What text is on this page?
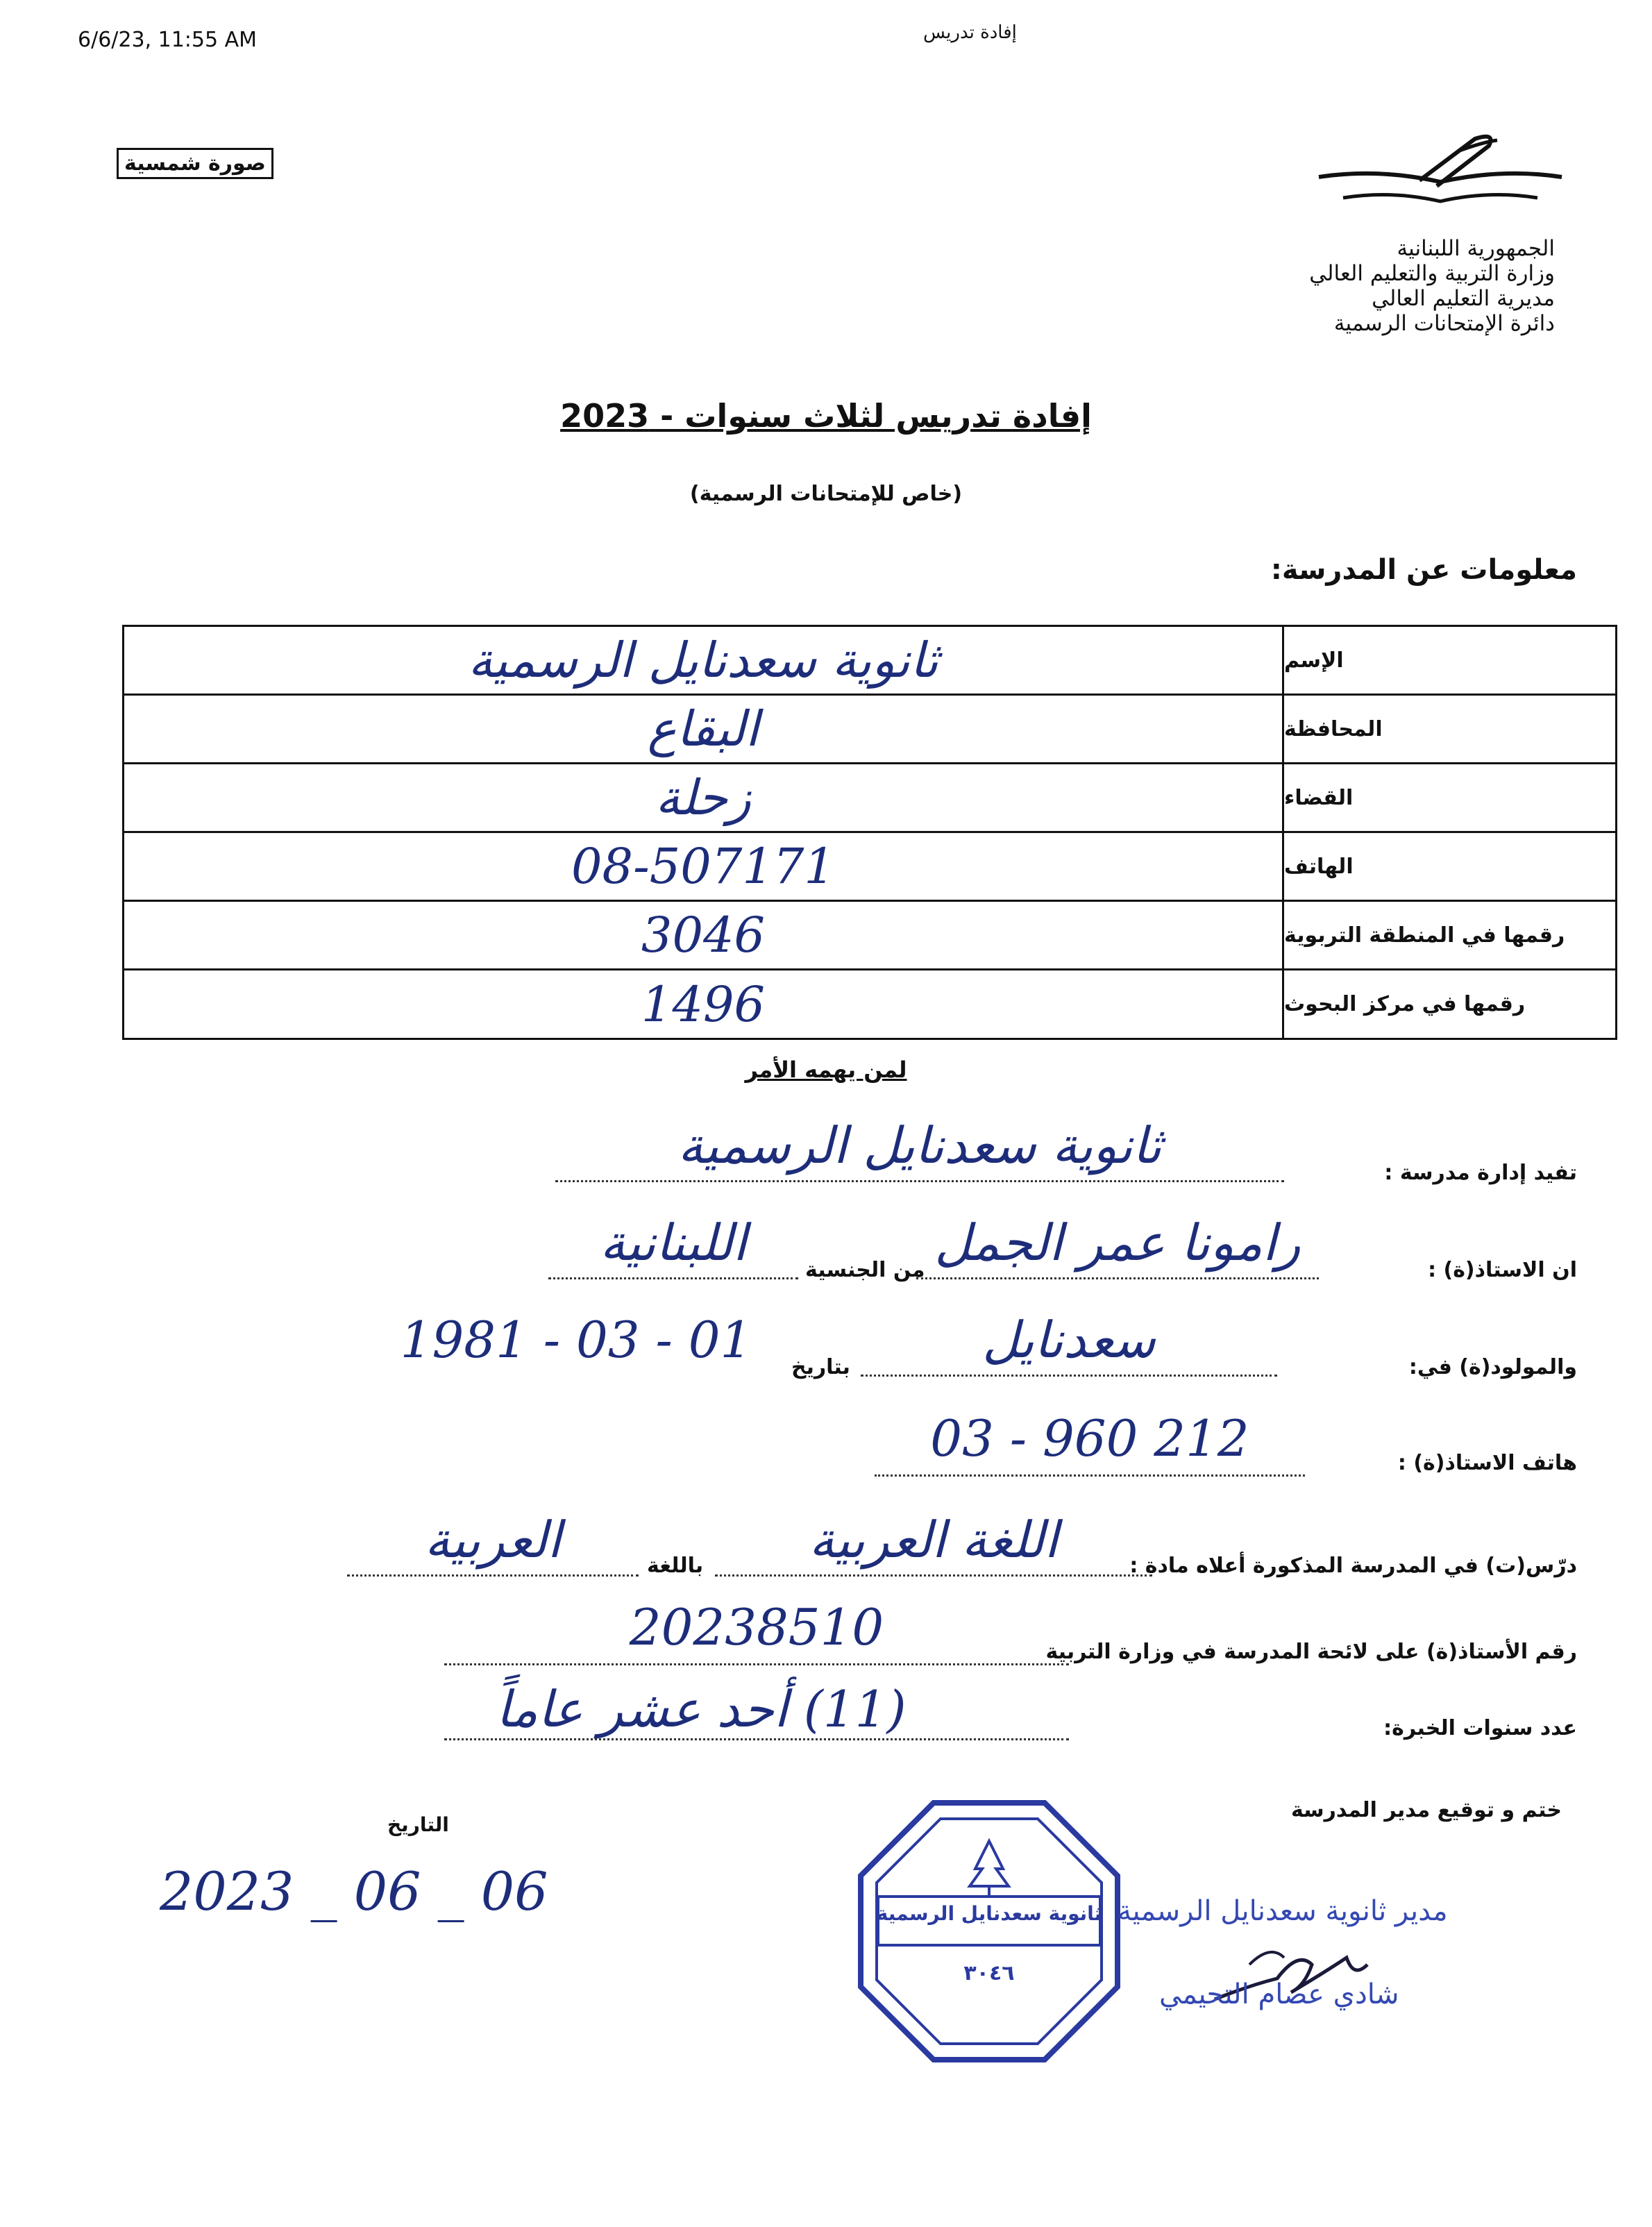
6/6/23, 11:55 AM	إفادة تدريس
صورة شمسية
الجمهورية اللبنانية
وزارة التربية والتعليم العالي
مديرية التعليم العالي
دائرة الإمتحانات الرسمية
إفادة تدريس لثلاث سنوات - 2023
(خاص للإمتحانات الرسمية)
معلومات عن المدرسة:
الإسم
ثانوية سعدنايل الرسمية
المحافظة
البقاع
القضاء
زحلة
الهاتف
08-507171
رقمها في المنطقة التربوية
3046
رقمها في مركز البحوث
1496
لمن يهمه الأمر
تفيد إدارة مدرسة :
ثانوية سعدنايل الرسمية
ان الاستاذ(ة) :
رامونا عمر الجمل
من الجنسية
اللبنانية
والمولود(ة) في:
سعدنايل
بتاريخ
1981 - 03 - 01
هاتف الاستاذ(ة) :
03 - 960 212
درّس(ت) في المدرسة المذكورة أعلاه مادة :
اللغة العربية
باللغة
العربية
رقم الأستاذ(ة) على لائحة المدرسة في وزارة التربية
20238510
عدد سنوات الخبرة:
(11) أحد عشر عاماً
ختم و توقيع مدير المدرسة
التاريخ
2023 _ 06 _ 06	ثانوية سعدنايل الرسمية
٣٠٤٦
مدير ثانوية سعدنايل الرسمية
شادي عصام التحيمي
